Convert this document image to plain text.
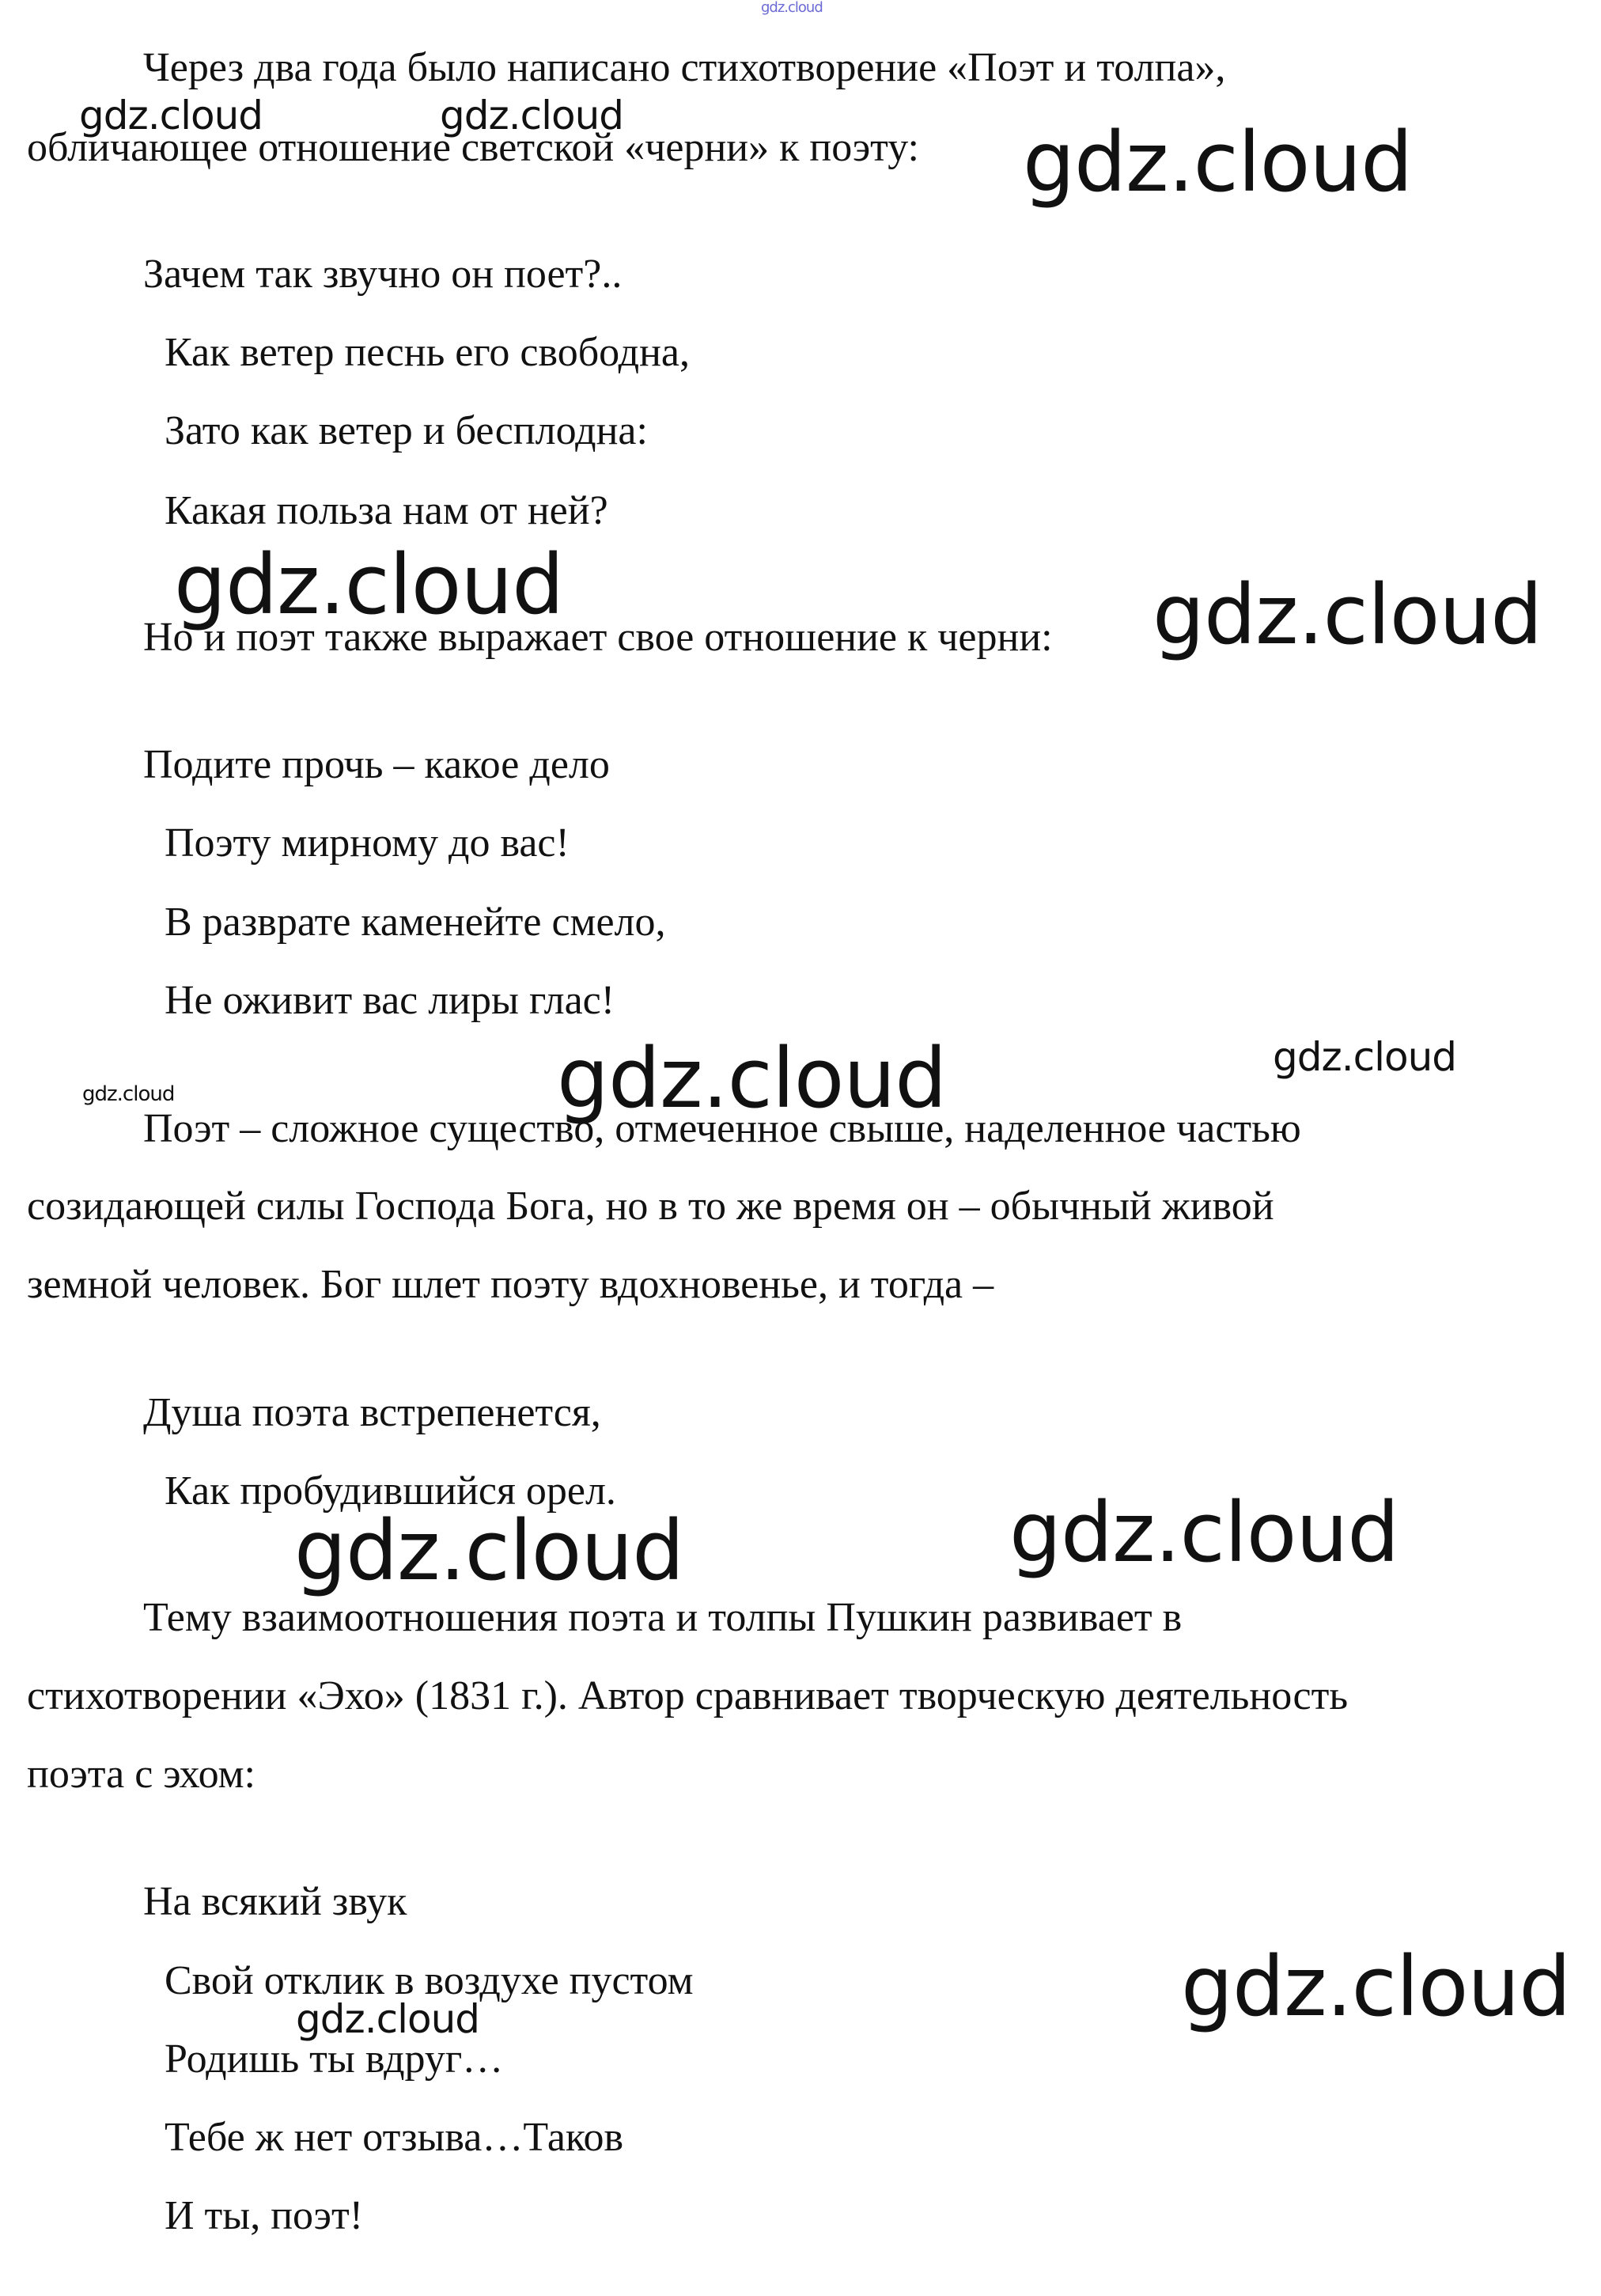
gdz.cloud
Через два года было написано стихотворение «Поэт и толпа»,
обличающее отношение светской «черни» к поэту:
Зачем так звучно он поет?..
Как ветер песнь его свободна,
Зато как ветер и бесплодна:
Какая польза нам от ней?
Но и поэт также выражает свое отношение к черни:
Подите прочь – какое дело
Поэту мирному до вас!
В разврате каменейте смело,
Не оживит вас лиры глас!
Поэт – сложное существо, отмеченное свыше, наделенное частью
созидающей силы Господа Бога, но в то же время он – обычный живой
земной человек. Бог шлет поэту вдохновенье, и тогда –
Душа поэта встрепенется,
Как пробудившийся орел.
Тему взаимоотношения поэта и толпы Пушкин развивает в
стихотворении «Эхо» (1831 г.). Автор сравнивает творческую деятельность
поэта с эхом:
На всякий звук
Свой отклик в воздухе пустом
Родишь ты вдруг…
Тебе ж нет отзыва…Таков
И ты, поэт!
gdz.cloud	gdz.cloud	gdz.cloud
gdz.cloud	gdz.cloud
gdz.cloud	gdz.cloud
gdz.cloud
gdz.cloud	gdz.cloud
gdz.cloud
gdz.cloud
